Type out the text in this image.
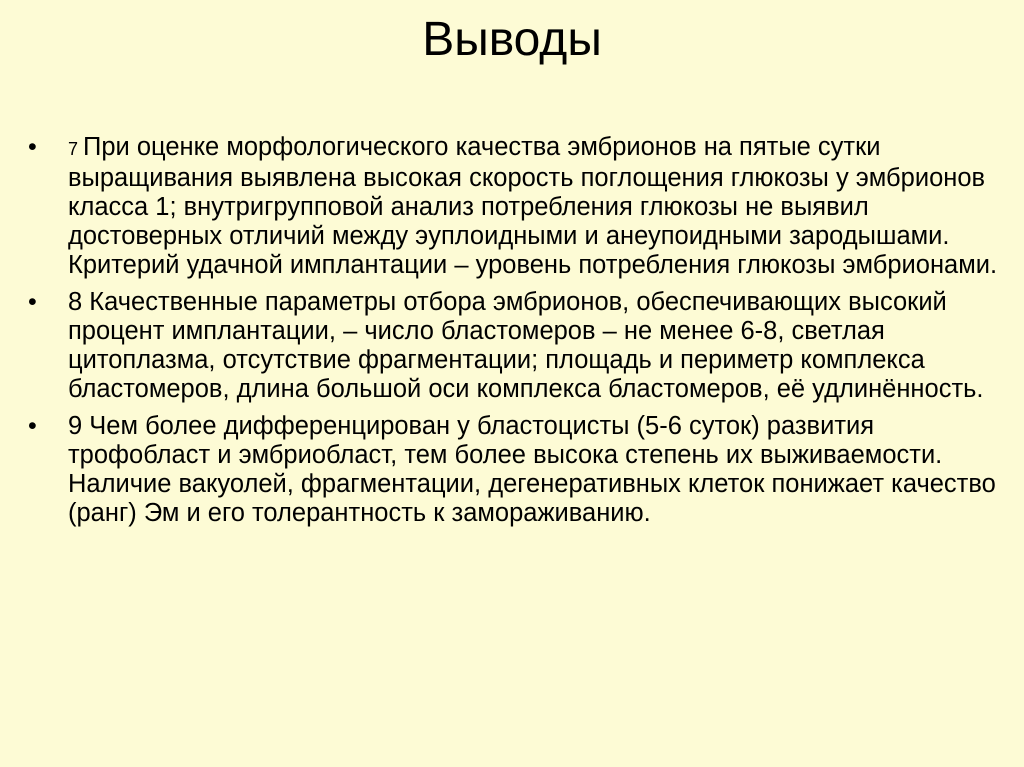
Выводы
• 7 При оценке морфологического качества эмбрионов на пятые сутки выращивания выявлена высокая скорость поглощения глюкозы у эмбрионов класса 1; внутригрупповой анализ потребления глюкозы не выявил достоверных отличий между эуплоидными и анеупоидными зародышами. Критерий удачной имплантации – уровень потребления глюкозы эмбрионами.
• 8 Качественные параметры отбора эмбрионов, обеспечивающих высокий процент имплантации, – число бластомеров – не менее 6-8, светлая цитоплазма, отсутствие фрагментации; площадь и периметр комплекса бластомеров, длина большой оси комплекса бластомеров, её удлинённость.
• 9 Чем более дифференцирован у бластоцисты (5-6 суток) развития трофобласт и эмбриобласт, тем более высока степень их выживаемости. Наличие вакуолей, фрагментации, дегенеративных клеток понижает качество (ранг) Эм и его толерантность к замораживанию.
